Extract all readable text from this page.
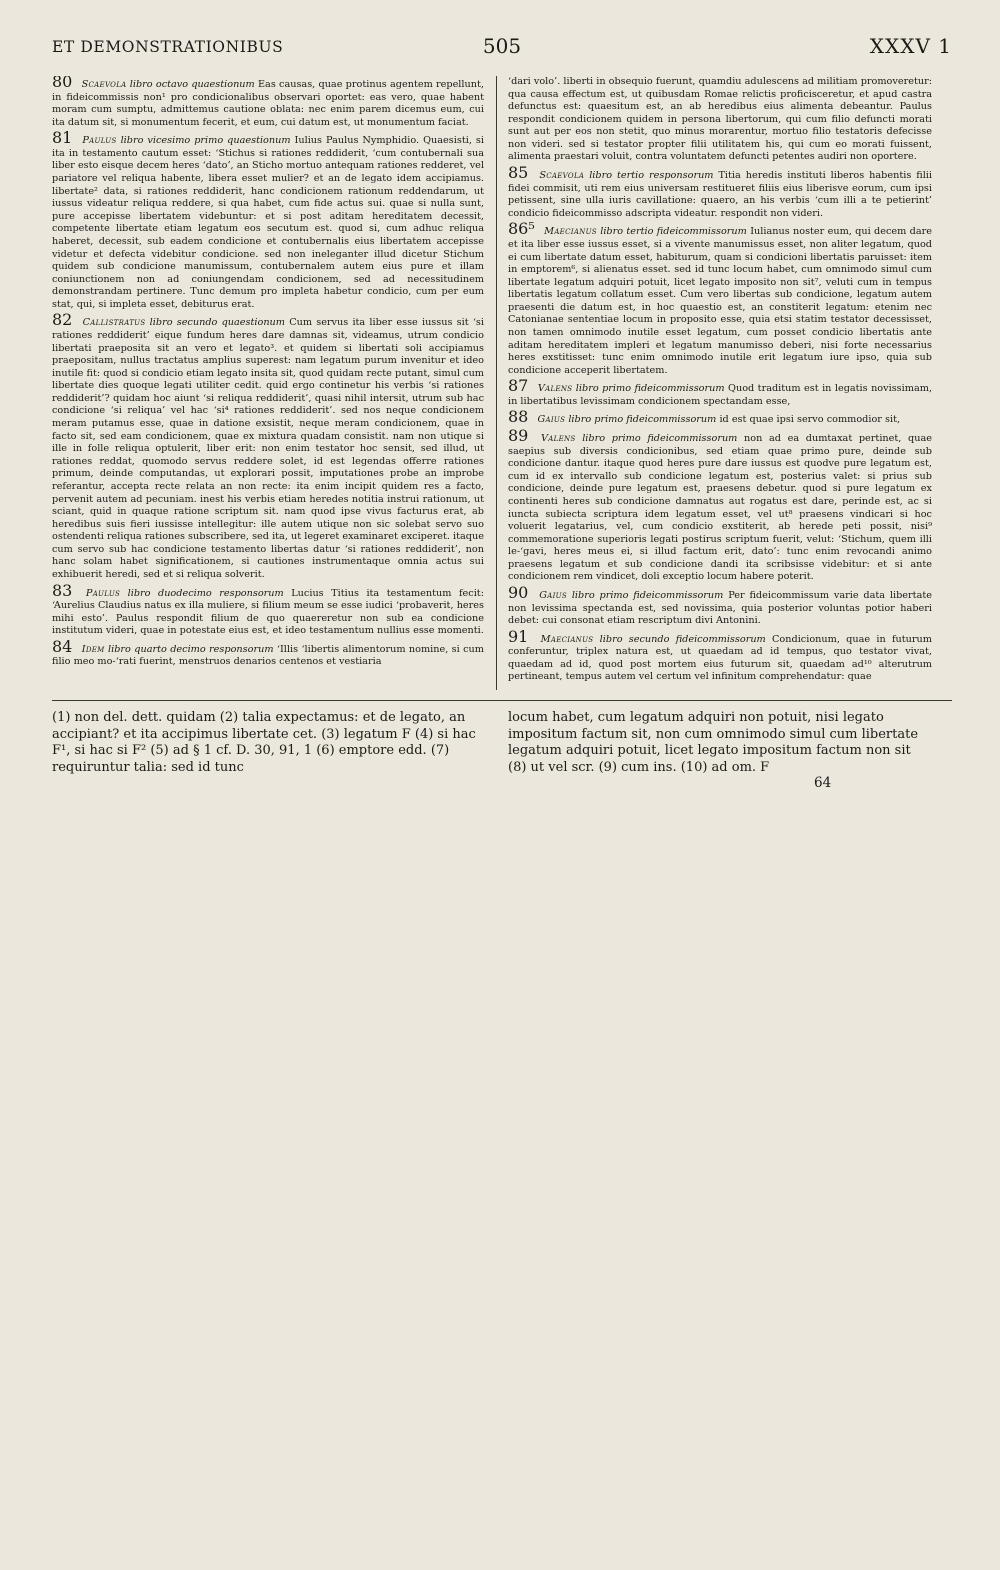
ET DEMONSTRATIONIBUS	505	XXXV 1

80 Scaevola libro octavo quaestionum Eas causas, quae protinus agentem repellunt, in fideicommissis non¹ pro condicionalibus observari oportet: eas vero, quae habent moram cum sumptu, admittemus cautione oblata: nec enim parem dicemus eum, cui ita datum sit, si monumentum fecerit, et eum, cui datum est, ut monumentum faciat.

81 Paulus libro vicesimo primo quaestionum Iulius Paulus Nymphidio. Quaesisti, si ita in testamento cautum esset: ‘Stichus si rationes reddiderit, ‘cum contubernali sua liber esto eisque decem heres ‘dato’, an Sticho mortuo antequam rationes redderet, vel pariatore vel reliqua habente, libera esset mulier? et an de legato idem accipiamus. libertate² data, si rationes reddiderit, hanc condicionem rationum reddendarum, ut iussus videatur reliqua reddere, si qua habet, cum fide actus sui. quae si nulla sunt, pure accepisse libertatem videbuntur: et si post aditam hereditatem decessit, competente libertate etiam legatum eos secutum est. quod si, cum adhuc reliqua haberet, decessit, sub eadem condicione et contubernalis eius libertatem accepisse videtur et defecta videbitur condicione. sed non ineleganter illud dicetur Stichum quidem sub condicione manumissum, contubernalem autem eius pure et illam coniunctionem non ad coniungendam condicionem, sed ad necessitudinem demonstrandam pertinere. Tunc demum pro impleta habetur condicio, cum per eum stat, qui, si impleta esset, debiturus erat.

82 Callistratus libro secundo quaestionum Cum servus ita liber esse iussus sit ‘si rationes reddiderit’ eique fundum heres dare damnas sit, videamus, utrum condicio libertati praeposita sit an vero et legato³. et quidem si libertati soli accipiamus praepositam, nullus tractatus amplius superest: nam legatum purum invenitur et ideo inutile fit: quod si condicio etiam legato insita sit, quod quidam recte putant, simul cum libertate dies quoque legati utiliter cedit. quid ergo continetur his verbis ‘si rationes reddiderit’? quidam hoc aiunt ‘si reliqua reddiderit’, quasi nihil intersit, utrum sub hac condicione ‘si reliqua’ vel hac ‘si⁴ rationes reddiderit’. sed nos neque condicionem meram putamus esse, quae in datione exsistit, neque meram condicionem, quae in facto sit, sed eam condicionem, quae ex mixtura quadam consistit. nam non utique si ille in folle reliqua optulerit, liber erit: non enim testator hoc sensit, sed illud, ut rationes reddat, quomodo servus reddere solet, id est legendas offerre rationes primum, deinde computandas, ut explorari possit, imputationes probe an improbe referantur, accepta recte relata an non recte: ita enim incipit quidem res a facto, pervenit autem ad pecuniam. inest his verbis etiam heredes notitia instrui rationum, ut sciant, quid in quaque ratione scriptum sit. nam quod ipse vivus facturus erat, ab heredibus suis fieri iussisse intellegitur: ille autem utique non sic solebat servo suo ostendenti reliqua rationes subscribere, sed ita, ut legeret examinaret exciperet. itaque cum servo sub hac condicione testamento libertas datur ‘si rationes reddiderit’, non hanc solam habet significationem, si cautiones instrumentaque omnia actus sui exhibuerit heredi, sed et si reliqua solverit.

83 Paulus libro duodecimo responsorum Lucius Titius ita testamentum fecit: ‘Aurelius Claudius natus ex illa muliere, si filium meum se esse iudici ‘probaverit, heres mihi esto’. Paulus respondit filium de quo quaereretur non sub ea condicione institutum videri, quae in potestate eius est, et ideo testamentum nullius esse momenti.

84 Idem libro quarto decimo responsorum ‘Illis ‘libertis alimentorum nomine, si cum filio meo mo-‘rati fuerint, menstruos denarios centenos et vestiaria

‘dari volo’. liberti in obsequio fuerunt, quamdiu adulescens ad militiam promoveretur: qua causa effectum est, ut quibusdam Romae relictis proficisceretur, et apud castra defunctus est: quaesitum est, an ab heredibus eius alimenta debeantur. Paulus respondit condicionem quidem in persona libertorum, qui cum filio defuncti morati sunt aut per eos non stetit, quo minus morarentur, mortuo filio testatoris defecisse non videri. sed si testator propter filii utilitatem his, qui cum eo morati fuissent, alimenta praestari voluit, contra voluntatem defuncti petentes audiri non oportere.

85 Scaevola libro tertio responsorum Titia heredis instituti liberos habentis filii fidei commisit, uti rem eius universam restitueret filiis eius liberisve eorum, cum ipsi petissent, sine ulla iuris cavillatione: quaero, an his verbis ‘cum illi a te petierint’ condicio fideicommisso adscripta videatur. respondit non videri.

86⁵ Maecianus libro tertio fideicommissorum Iulianus noster eum, qui decem dare et ita liber esse iussus esset, si a vivente manumissus esset, non aliter legatum, quod ei cum libertate datum esset, habiturum, quam si condicioni libertatis paruisset: item in emptorem⁶, si alienatus esset. sed id tunc locum habet, cum omnimodo simul cum libertate legatum adquiri potuit, licet legato imposito non sit⁷, veluti cum in tempus libertatis legatum collatum esset. Cum vero libertas sub condicione, legatum autem praesenti die datum est, in hoc quaestio est, an constiterit legatum: etenim nec Catonianae sententiae locum in proposito esse, quia etsi statim testator decessisset, non tamen omnimodo inutile esset legatum, cum posset condicio libertatis ante aditam hereditatem impleri et legatum manumisso deberi, nisi forte necessarius heres exstitisset: tunc enim omnimodo inutile erit legatum iure ipso, quia sub condicione acceperit libertatem.

87 Valens libro primo fideicommissorum Quod traditum est in legatis novissimam, in libertatibus levissimam condicionem spectandam esse,

88 Gaius libro primo fideicommissorum id est quae ipsi servo commodior sit,

89 Valens libro primo fideicommissorum non ad ea dumtaxat pertinet, quae saepius sub diversis condicionibus, sed etiam quae primo pure, deinde sub condicione dantur. itaque quod heres pure dare iussus est quodve pure legatum est, cum id ex intervallo sub condicione legatum est, posterius valet: si prius sub condicione, deinde pure legatum est, praesens debetur. quod si pure legatum ex continenti heres sub condicione damnatus aut rogatus est dare, perinde est, ac si iuncta subiecta scriptura idem legatum esset, vel ut⁸ praesens vindicari si hoc voluerit legatarius, vel, cum condicio exstiterit, ab herede peti possit, nisi⁹ commemoratione superioris legati postirus scriptum fuerit, velut: ‘Stichum, quem illi le-‘gavi, heres meus ei, si illud factum erit, dato’: tunc enim revocandi animo praesens legatum et sub condicione dandi ita scribsisse videbitur: et si ante condicionem rem vindicet, doli exceptio locum habere poterit.

90 Gaius libro primo fideicommissorum Per fideicommissum varie data libertate non levissima spectanda est, sed novissima, quia posterior voluntas potior haberi debet: cui consonat etiam rescriptum divi Antonini.

91 Maecianus libro secundo fideicommissorum Condicionum, quae in futurum conferuntur, triplex natura est, ut quaedam ad id tempus, quo testator vivat, quaedam ad id, quod post mortem eius futurum sit, quaedam ad¹⁰ alterutrum pertineant, tempus autem vel certum vel infinitum comprehendatur: quae

(1) non del. dett. quidam (2) talia expectamus: et de legato, an accipiant? et ita accipimus libertate cet. (3) legatum F (4) si hac F¹, si hac si F² (5) ad § 1 cf. D. 30, 91, 1 (6) emptore edd. (7) requiruntur talia: sed id tunc
locum habet, cum legatum adquiri non potuit, nisi legato impositum factum sit, non cum omnimodo simul cum libertate legatum adquiri potuit, licet legato impositum factum non sit (8) ut vel scr. (9) cum ins. (10) ad om. F
64
